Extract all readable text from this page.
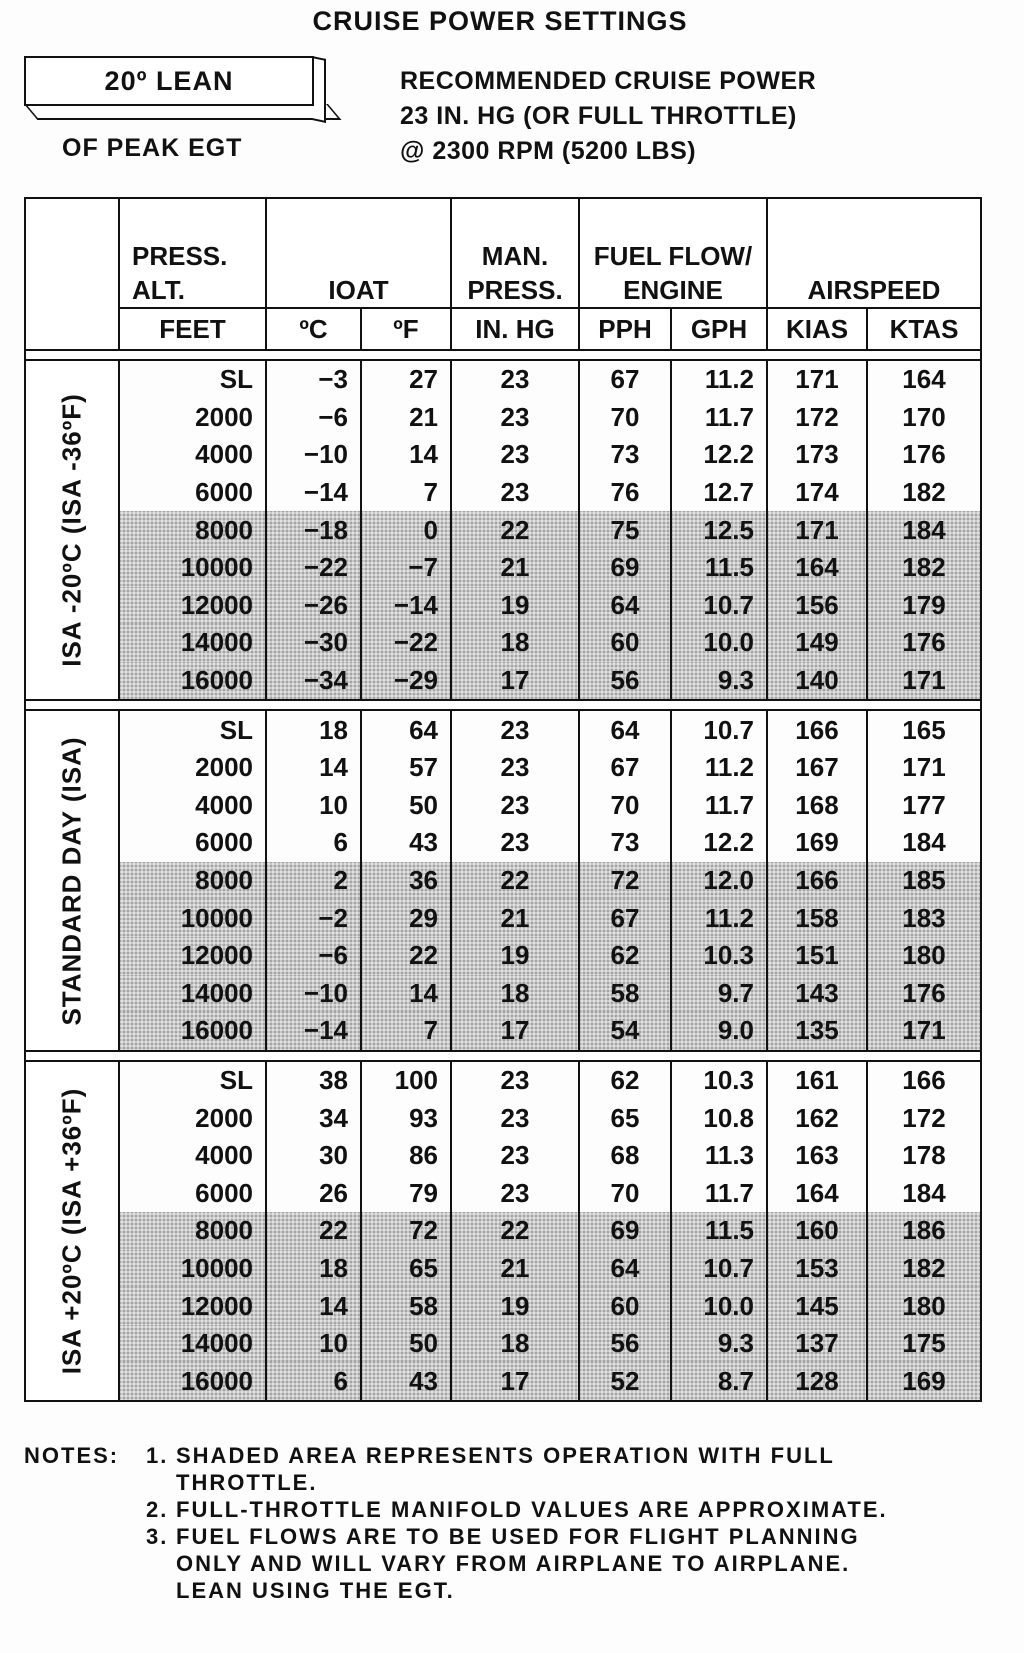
CRUISE POWER SETTINGS
20º LEAN
OF PEAK EGT
RECOMMENDED CRUISE POWER
23 IN. HG (OR FULL THROTTLE)
@ 2300 RPM (5200 LBS)
	PRESS. ALT.	IOAT		MAN. PRESS.	FUEL FLOW/ ENGINE		AIRSPEED	
	FEET	ºC	ºF	IN. HG	PPH	GPH	KIAS	KTAS

ISA -20ºC (ISA -36ºF)	SL	−3	27	23	67	11.2	171	164
	2000	−6	21	23	70	11.7	172	170
	4000	−10	14	23	73	12.2	173	176
	6000	−14	7	23	76	12.7	174	182
	8000	−18	0	22	75	12.5	171	184
	10000	−22	−7	21	69	11.5	164	182
	12000	−26	−14	19	64	10.7	156	179
	14000	−30	−22	18	60	10.0	149	176
	16000	−34	−29	17	56	9.3	140	171

STANDARD DAY (ISA)	SL	18	64	23	64	10.7	166	165
	2000	14	57	23	67	11.2	167	171
	4000	10	50	23	70	11.7	168	177
	6000	6	43	23	73	12.2	169	184
	8000	2	36	22	72	12.0	166	185
	10000	−2	29	21	67	11.2	158	183
	12000	−6	22	19	62	10.3	151	180
	14000	−10	14	18	58	9.7	143	176
	16000	−14	7	17	54	9.0	135	171

ISA +20ºC (ISA +36ºF)	SL	38	100	23	62	10.3	161	166
	2000	34	93	23	65	10.8	162	172
	4000	30	86	23	68	11.3	163	178
	6000	26	79	23	70	11.7	164	184
	8000	22	72	22	69	11.5	160	186
	10000	18	65	21	64	10.7	153	182
	12000	14	58	19	60	10.0	145	180
	14000	10	50	18	56	9.3	137	175
	16000	6	43	17	52	8.7	128	169
NOTES:	1. SHADED AREA REPRESENTS OPERATION WITH FULL THROTTLE.
2. FULL-THROTTLE MANIFOLD VALUES ARE APPROXIMATE.
3. FUEL FLOWS ARE TO BE USED FOR FLIGHT PLANNING ONLY AND WILL VARY FROM AIRPLANE TO AIRPLANE. LEAN USING THE EGT.
